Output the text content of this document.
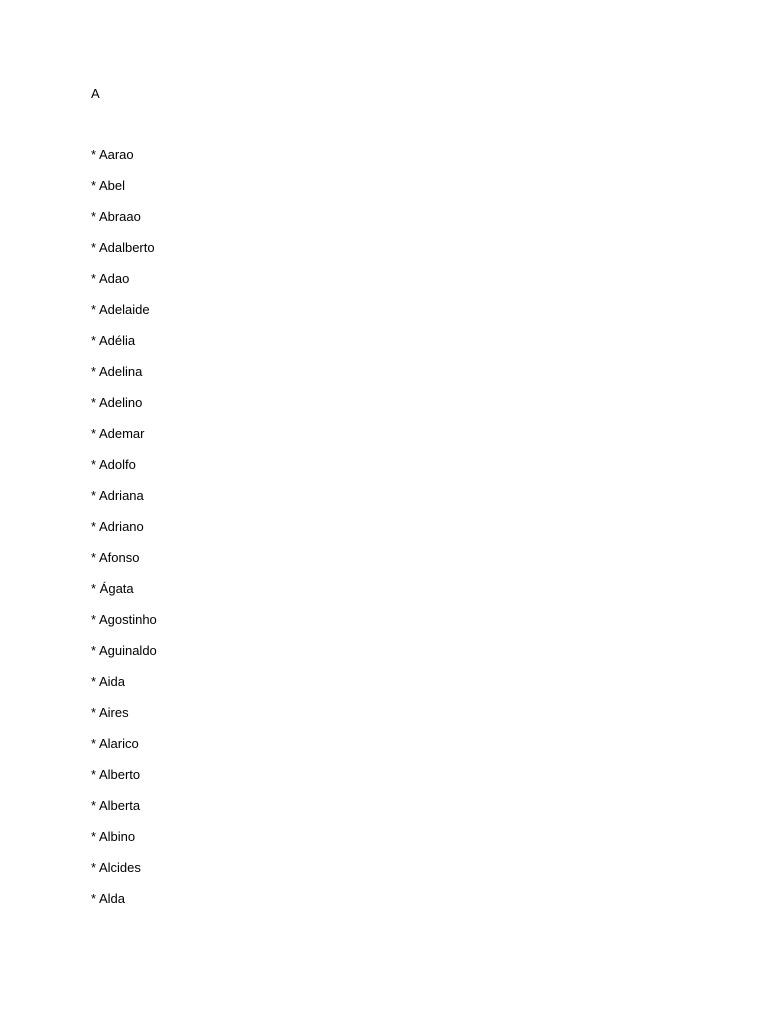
A
* Aarao
* Abel
* Abraao
* Adalberto
* Adao
* Adelaide
* Adélia
* Adelina
* Adelino
* Ademar
* Adolfo
* Adriana
* Adriano
* Afonso
* Ágata
* Agostinho
* Aguinaldo
* Aida
* Aires
* Alarico
* Alberto
* Alberta
* Albino
* Alcides
* Alda
